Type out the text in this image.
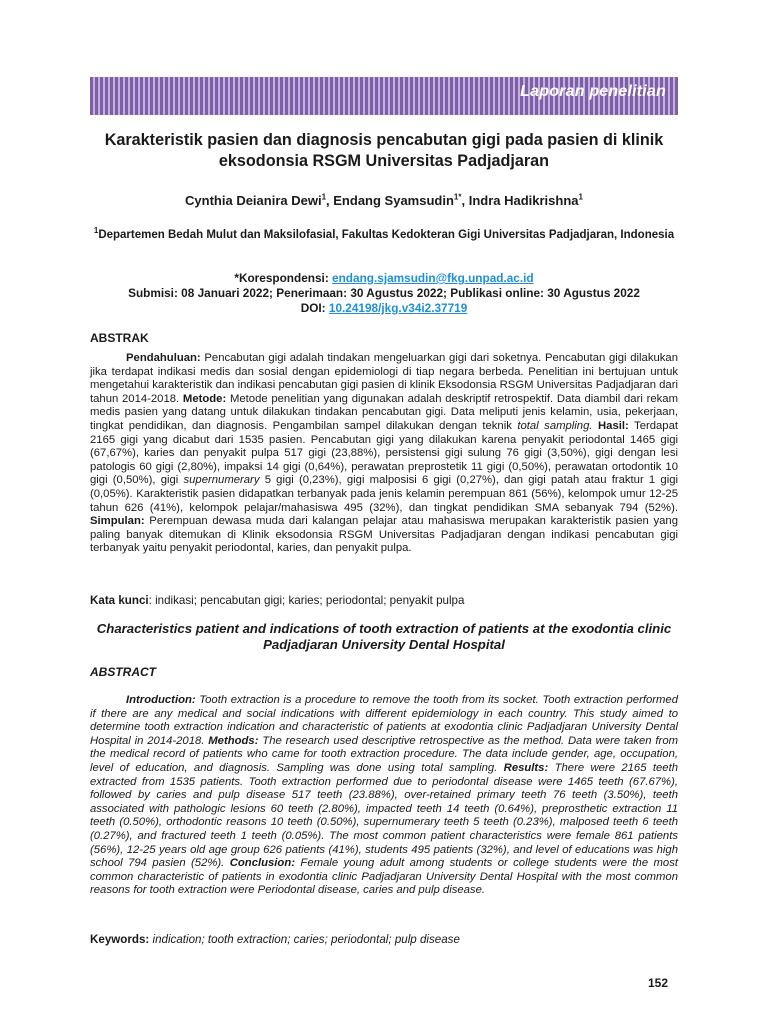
Laporan penelitian
Karakteristik pasien dan diagnosis pencabutan gigi pada pasien di klinik eksodonsia RSGM Universitas Padjadjaran
Cynthia Deianira Dewi$^1$, Endang Syamsudin$^{1*}$, Indra Hadikrishna$^1$
$^1$Departemen Bedah Mulut dan Maksilofasial, Fakultas Kedokteran Gigi Universitas Padjadjaran, Indonesia
*Korespondensi: endang.sjamsudin@fkg.unpad.ac.id
Submisi: 08 Januari 2022; Penerimaan: 30 Agustus 2022; Publikasi online: 30 Agustus 2022
DOI: 10.24198/jkg.v34i2.37719
ABSTRAK

Pendahuluan: Pencabutan gigi adalah tindakan mengeluarkan gigi dari soketnya. Pencabutan gigi dilakukan jika terdapat indikasi medis dan sosial dengan epidemiologi di tiap negara berbeda. Penelitian ini bertujuan untuk mengetahui karakteristik dan indikasi pencabutan gigi pasien di klinik Eksodonsia RSGM Universitas Padjadjaran dari tahun 2014-2018. Metode: Metode penelitian yang digunakan adalah deskriptif retrospektif. Data diambil dari rekam medis pasien yang datang untuk dilakukan tindakan pencabutan gigi. Data meliputi jenis kelamin, usia, pekerjaan, tingkat pendidikan, dan diagnosis. Pengambilan sampel dilakukan dengan teknik total sampling. Hasil: Terdapat 2165 gigi yang dicabut dari 1535 pasien. Pencabutan gigi yang dilakukan karena penyakit periodontal 1465 gigi (67,67%), karies dan penyakit pulpa 517 gigi (23,88%), persistensi gigi sulung 76 gigi (3,50%), gigi dengan lesi patologis 60 gigi (2,80%), impaksi 14 gigi (0,64%), perawatan preprostetik 11 gigi (0,50%), perawatan ortodontik 10 gigi (0,50%), gigi supernumerary 5 gigi (0,23%), gigi malposisi 6 gigi (0,27%), dan gigi patah atau fraktur 1 gigi (0,05%). Karakteristik pasien didapatkan terbanyak pada jenis kelamin perempuan 861 (56%), kelompok umur 12-25 tahun 626 (41%), kelompok pelajar/mahasiswa 495 (32%), dan tingkat pendidikan SMA sebanyak 794 (52%). Simpulan: Perempuan dewasa muda dari kalangan pelajar atau mahasiswa merupakan karakteristik pasien yang paling banyak ditemukan di Klinik eksodonsia RSGM Universitas Padjadjaran dengan indikasi pencabutan gigi terbanyak yaitu penyakit periodontal, karies, dan penyakit pulpa.

Kata kunci: indikasi; pencabutan gigi; karies; periodontal; penyakit pulpa
Characteristics patient and indications of tooth extraction of patients at the exodontia clinic Padjadjaran University Dental Hospital
ABSTRACT

Introduction: Tooth extraction is a procedure to remove the tooth from its socket. Tooth extraction performed if there are any medical and social indications with different epidemiology in each country. This study aimed to determine tooth extraction indication and characteristic of patients at exodontia clinic Padjadjaran University Dental Hospital in 2014-2018. Methods: The research used descriptive retrospective as the method. Data were taken from the medical record of patients who came for tooth extraction procedure. The data include gender, age, occupation, level of education, and diagnosis. Sampling was done using total sampling. Results: There were 2165 teeth extracted from 1535 patients. Tooth extraction performed due to periodontal disease were 1465 teeth (67.67%), followed by caries and pulp disease 517 teeth (23.88%), over-retained primary teeth 76 teeth (3.50%), teeth associated with pathologic lesions 60 teeth (2.80%), impacted teeth 14 teeth (0.64%), preprosthetic extraction 11 teeth (0.50%), orthodontic reasons 10 teeth (0.50%), supernumerary teeth 5 teeth (0.23%), malposed teeth 6 teeth (0.27%), and fractured teeth 1 teeth (0.05%). The most common patient characteristics were female 861 patients (56%), 12-25 years old age group 626 patients (41%), students 495 patients (32%), and level of educations was high school 794 pasien (52%). Conclusion: Female young adult among students or college students were the most common characteristic of patients in exodontia clinic Padjadjaran University Dental Hospital with the most common reasons for tooth extraction were Periodontal disease, caries and pulp disease.

Keywords: indication; tooth extraction; caries; periodontal; pulp disease
152
